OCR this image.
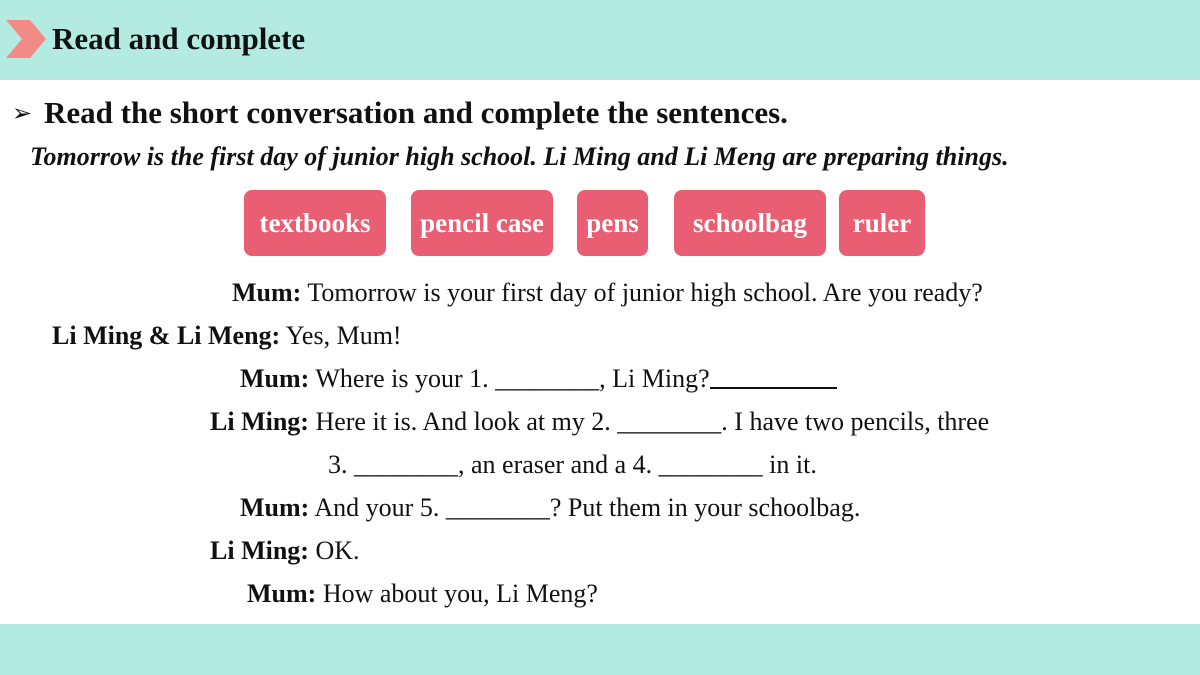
Read and complete
➢ Read the short conversation and complete the sentences.
Tomorrow is the first day of junior high school. Li Ming and Li Meng are preparing things.
textbooks	pencil case	pens	schoolbag	ruler
Mum: Tomorrow is your first day of junior high school. Are you ready?
Li Ming & Li Meng: Yes, Mum!
Mum: Where is your 1. ________, Li Ming?
Li Ming: Here it is. And look at my 2. ________. I have two pencils, three
3. ________, an eraser and a 4. ________ in it.
Mum: And your 5. ________? Put them in your schoolbag.
Li Ming: OK.
Mum: How about you, Li Meng?
